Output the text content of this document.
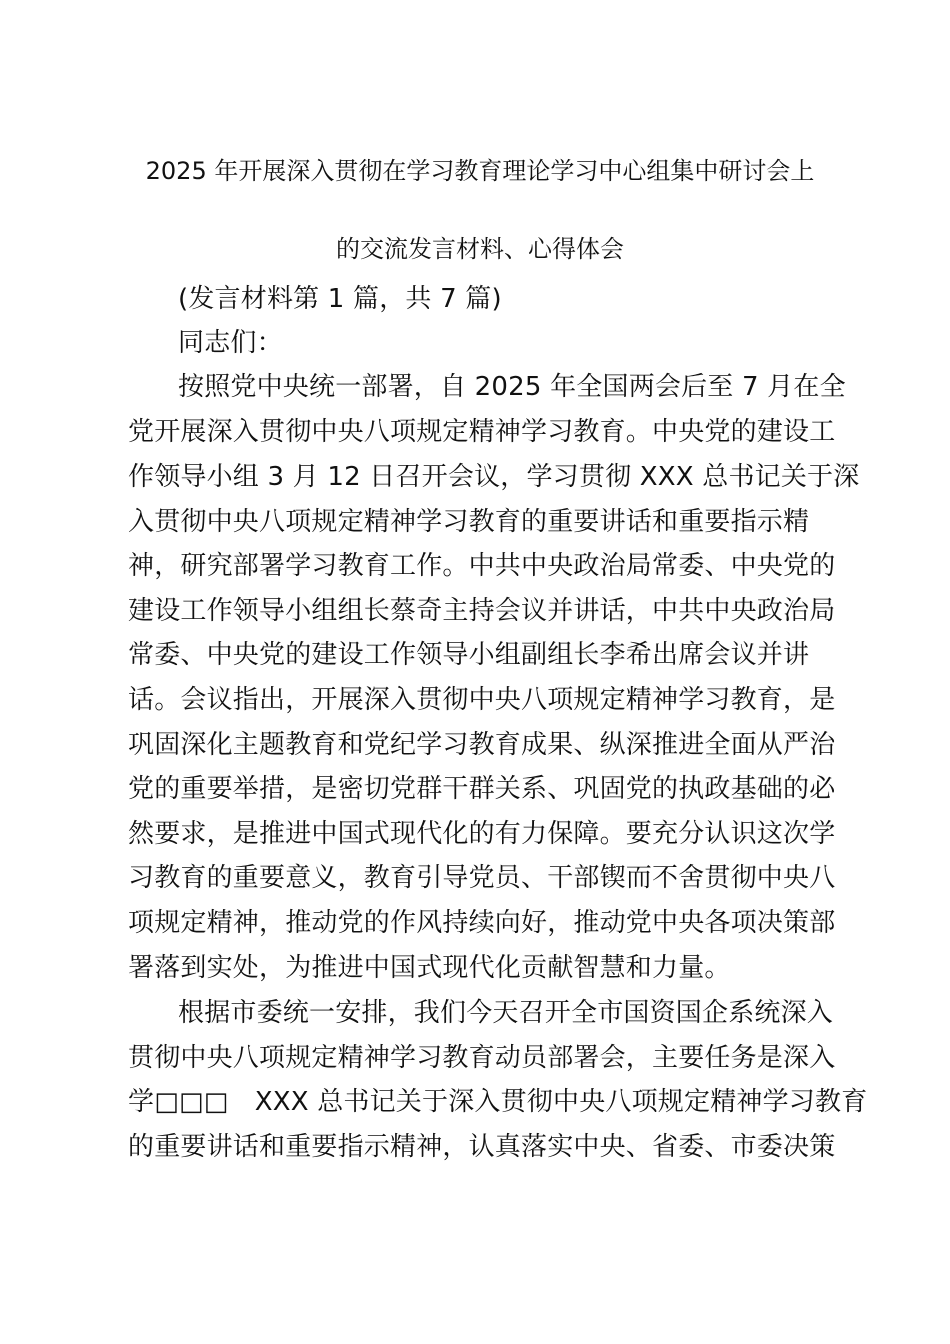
2025 年开展深入贯彻在学习教育理论学习中心组集中研讨会上
的交流发言材料、心得体会
(发言材料第 1 篇，共 7 篇)
同志们：
按照党中央统一部署，自 2025 年全国两会后至 7 月在全
党开展深入贯彻中央八项规定精神学习教育。中央党的建设工
作领导小组 3 月 12 日召开会议，学习贯彻 XXX 总书记关于深
入贯彻中央八项规定精神学习教育的重要讲话和重要指示精
神，研究部署学习教育工作。中共中央政治局常委、中央党的
建设工作领导小组组长蔡奇主持会议并讲话，中共中央政治局
常委、中央党的建设工作领导小组副组长李希出席会议并讲
话。会议指出，开展深入贯彻中央八项规定精神学习教育，是
巩固深化主题教育和党纪学习教育成果、纵深推进全面从严治
党的重要举措，是密切党群干群关系、巩固党的执政基础的必
然要求，是推进中国式现代化的有力保障。要充分认识这次学
习教育的重要意义，教育引导党员、干部锲而不舍贯彻中央八
项规定精神，推动党的作风持续向好，推动党中央各项决策部
署落到实处，为推进中国式现代化贡献智慧和力量。
根据市委统一安排，我们今天召开全市国资国企系统深入
贯彻中央八项规定精神学习教育动员部署会，主要任务是深入
学□□□　XXX 总书记关于深入贯彻中央八项规定精神学习教育
的重要讲话和重要指示精神，认真落实中央、省委、市委决策
